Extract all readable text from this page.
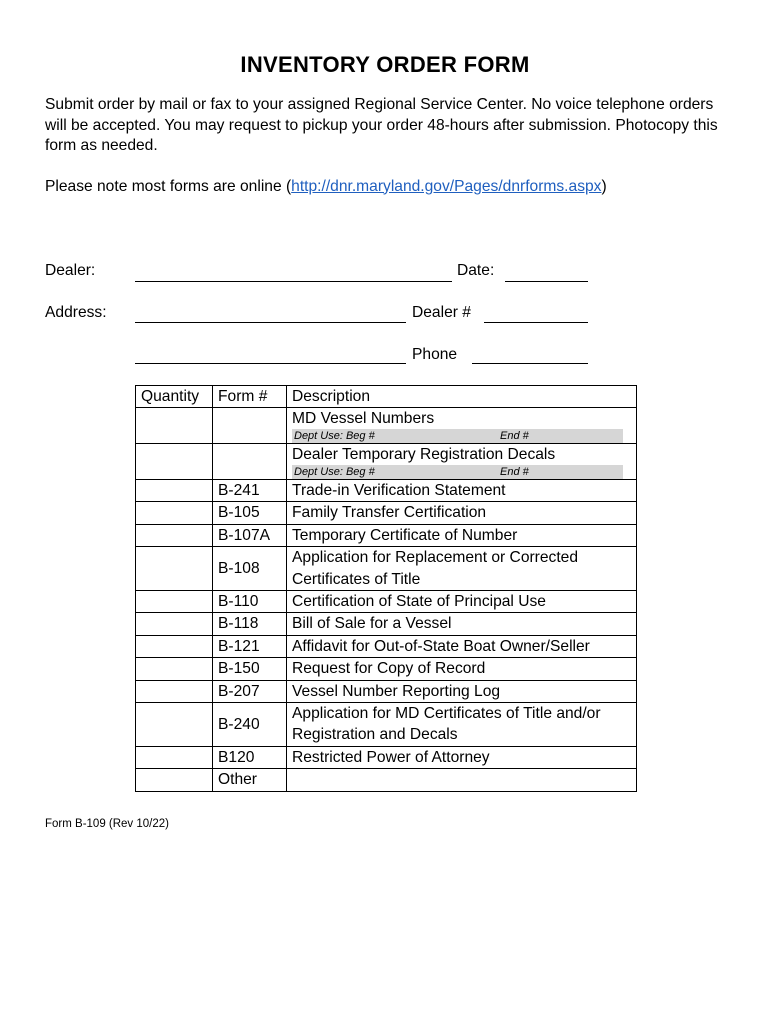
INVENTORY ORDER FORM

Submit order by mail or fax to your assigned Regional Service Center. No voice telephone orders will be accepted. You may request to pickup your order 48-hours after submission. Photocopy this form as needed.

Please note most forms are online (http://dnr.maryland.gov/Pages/dnrforms.aspx)

Dealer:	Date:
Address:	Dealer #
Phone
Quantity	Form #	Description

		MD Vessel Numbers
Dept Use: Beg # End #

		Dealer Temporary Registration Decals
Dept Use: Beg # End #

	B-241	Trade-in Verification Statement
	B-105	Family Transfer Certification
	B-107A	Temporary Certificate of Number
	B-108	Application for Replacement or Corrected Certificates of Title
	B-110	Certification of State of Principal Use
	B-118	Bill of Sale for a Vessel
	B-121	Affidavit for Out-of-State Boat Owner/Seller
	B-150	Request for Copy of Record
	B-207	Vessel Number Reporting Log
	B-240	Application for MD Certificates of Title and/or Registration and Decals
	B120	Restricted Power of Attorney
	Other	
Form B-109 (Rev 10/22)
